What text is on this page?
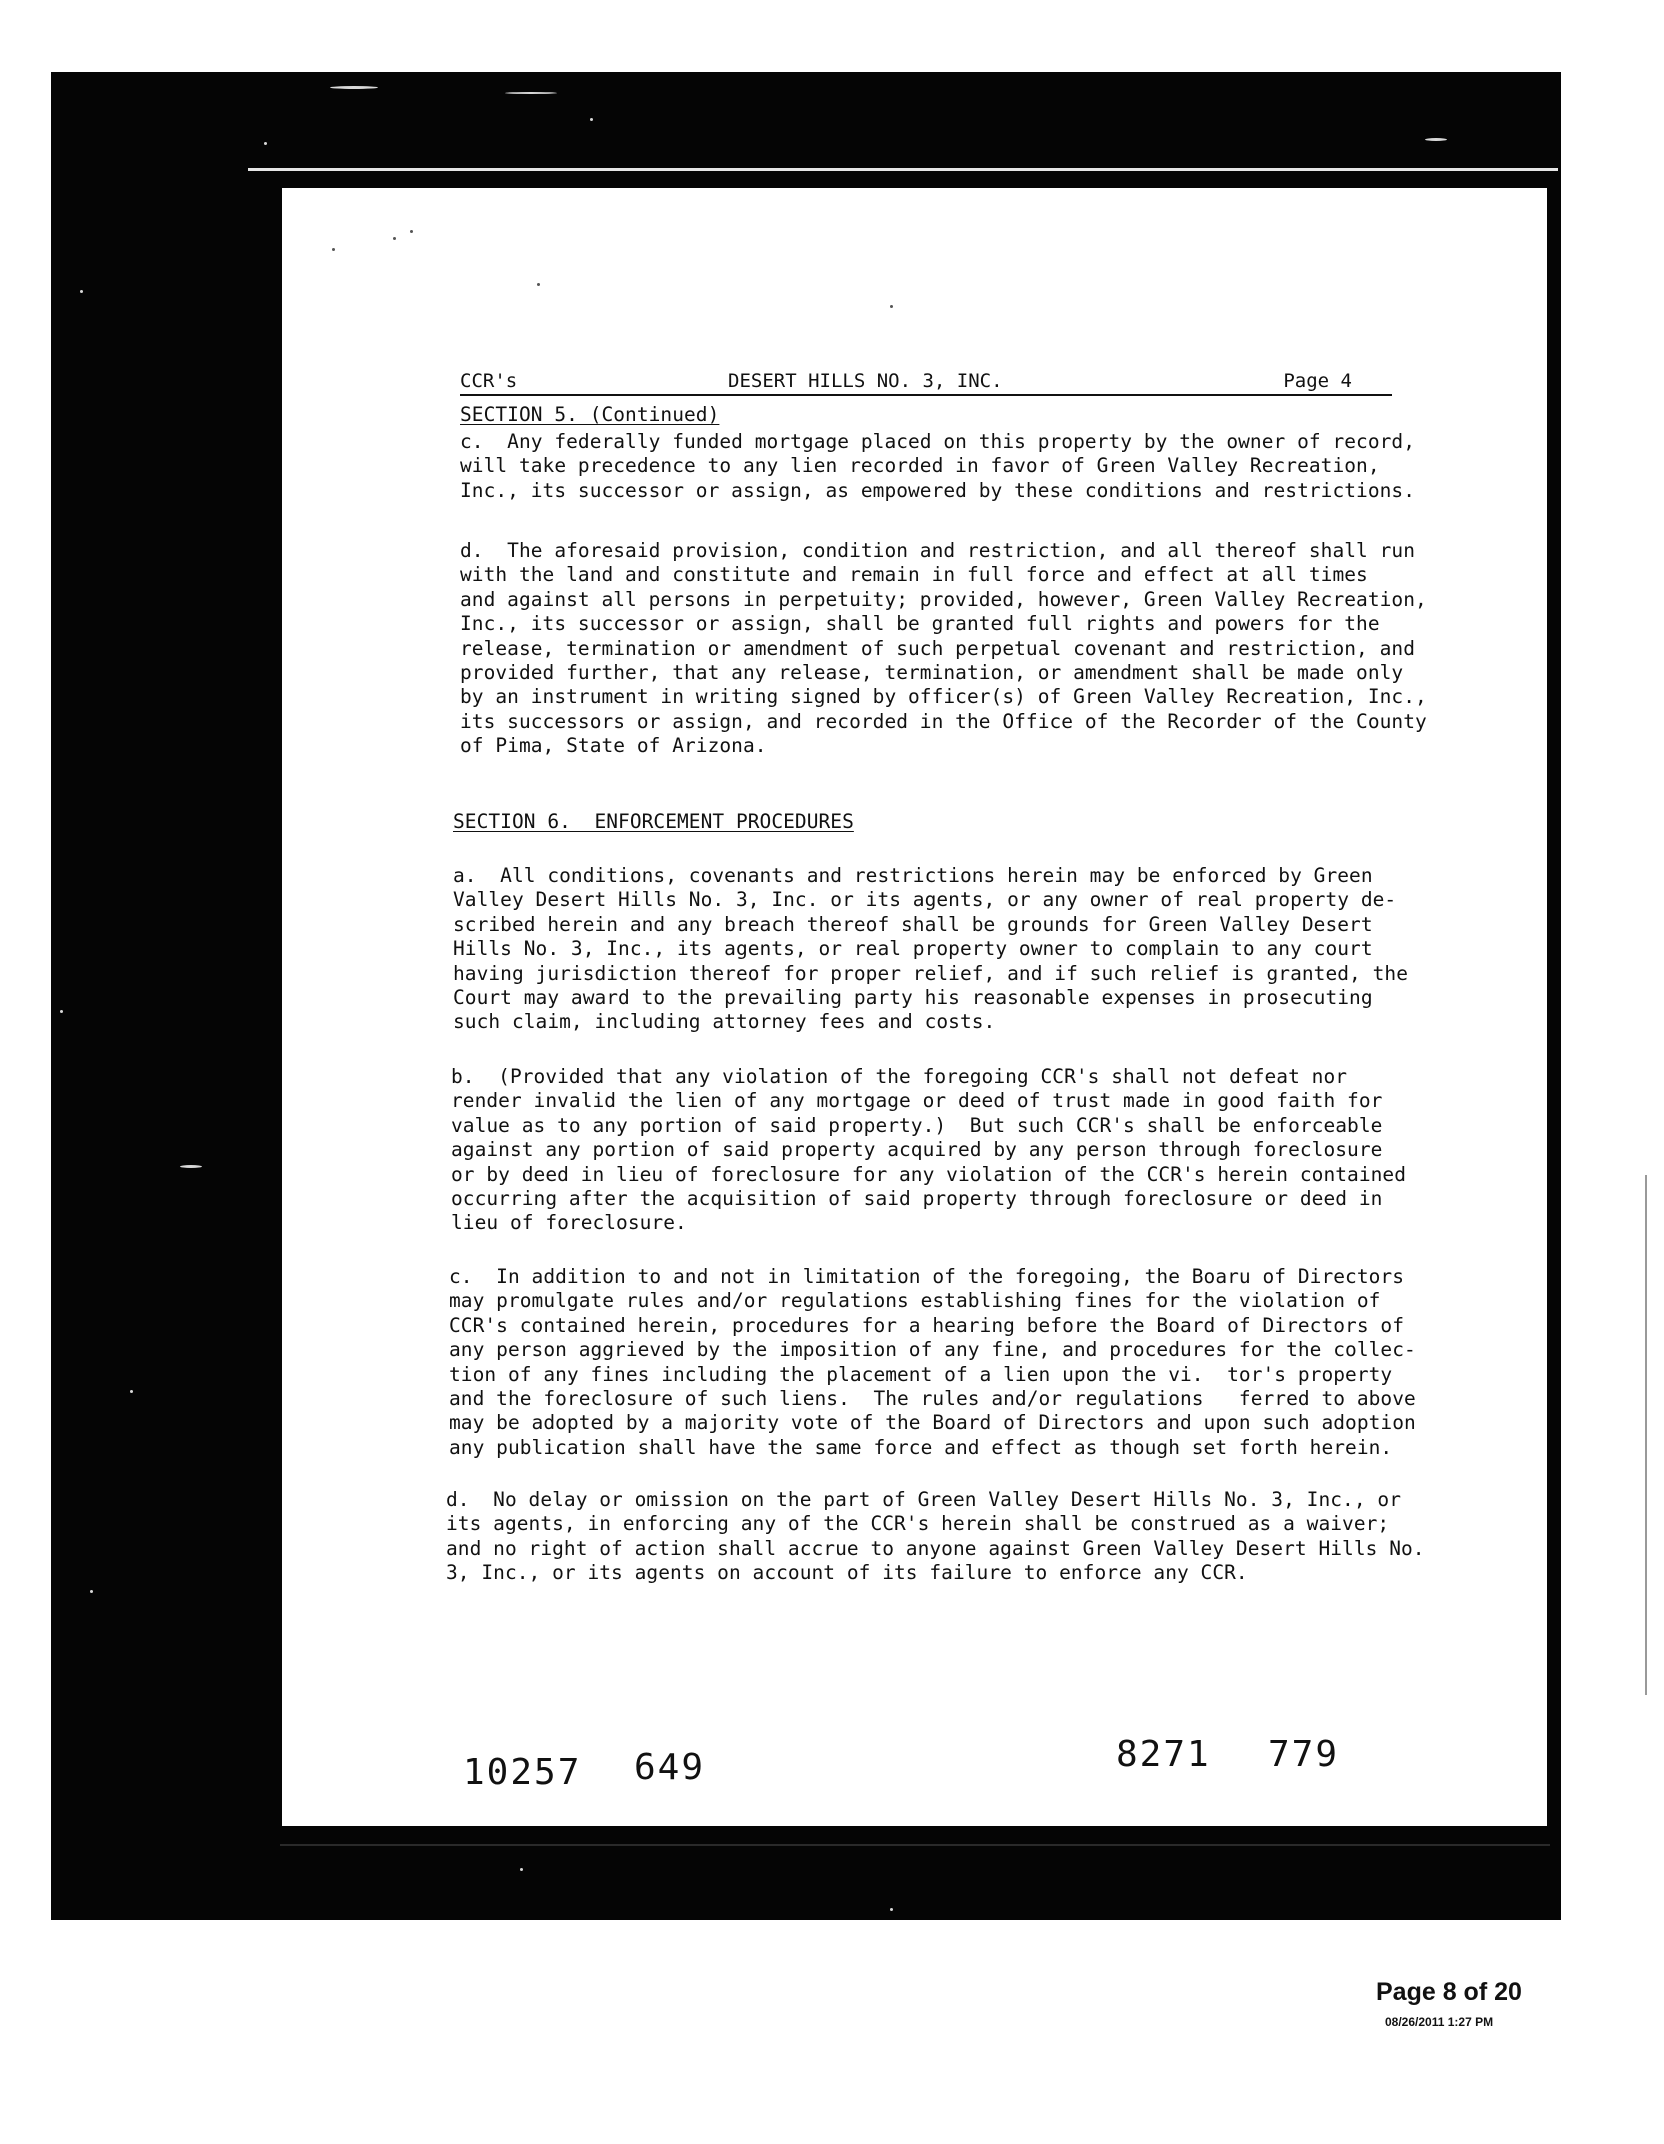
CCR's	DESERT HILLS NO. 3, INC.	Page 4
SECTION 5. (Continued)
c.  Any federally funded mortgage placed on this property by the owner of record,
will take precedence to any lien recorded in favor of Green Valley Recreation,
Inc., its successor or assign, as empowered by these conditions and restrictions.
d.  The aforesaid provision, condition and restriction, and all thereof shall run
with the land and constitute and remain in full force and effect at all times
and against all persons in perpetuity; provided, however, Green Valley Recreation,
Inc., its successor or assign, shall be granted full rights and powers for the
release, termination or amendment of such perpetual covenant and restriction, and
provided further, that any release, termination, or amendment shall be made only
by an instrument in writing signed by officer(s) of Green Valley Recreation, Inc.,
its successors or assign, and recorded in the Office of the Recorder of the County
of Pima, State of Arizona.
SECTION 6.  ENFORCEMENT PROCEDURES
a.  All conditions, covenants and restrictions herein may be enforced by Green
Valley Desert Hills No. 3, Inc. or its agents, or any owner of real property de-
scribed herein and any breach thereof shall be grounds for Green Valley Desert
Hills No. 3, Inc., its agents, or real property owner to complain to any court
having jurisdiction thereof for proper relief, and if such relief is granted, the
Court may award to the prevailing party his reasonable expenses in prosecuting
such claim, including attorney fees and costs.
b.  (Provided that any violation of the foregoing CCR's shall not defeat nor
render invalid the lien of any mortgage or deed of trust made in good faith for
value as to any portion of said property.)  But such CCR's shall be enforceable
against any portion of said property acquired by any person through foreclosure
or by deed in lieu of foreclosure for any violation of the CCR's herein contained
occurring after the acquisition of said property through foreclosure or deed in
lieu of foreclosure.
c.  In addition to and not in limitation of the foregoing, the Boaru of Directors
may promulgate rules and/or regulations establishing fines for the violation of
CCR's contained herein, procedures for a hearing before the Board of Directors of
any person aggrieved by the imposition of any fine, and procedures for the collec-
tion of any fines including the placement of a lien upon the vi.  tor's property
and the foreclosure of such liens.  The rules and/or regulations   ferred to above
may be adopted by a majority vote of the Board of Directors and upon such adoption
any publication shall have the same force and effect as though set forth herein.
d.  No delay or omission on the part of Green Valley Desert Hills No. 3, Inc., or
its agents, in enforcing any of the CCR's herein shall be construed as a waiver;
and no right of action shall accrue to anyone against Green Valley Desert Hills No.
3, Inc., or its agents on account of its failure to enforce any CCR.
10257 649	8271 779
Page 8 of 20
08/26/2011 1:27 PM
